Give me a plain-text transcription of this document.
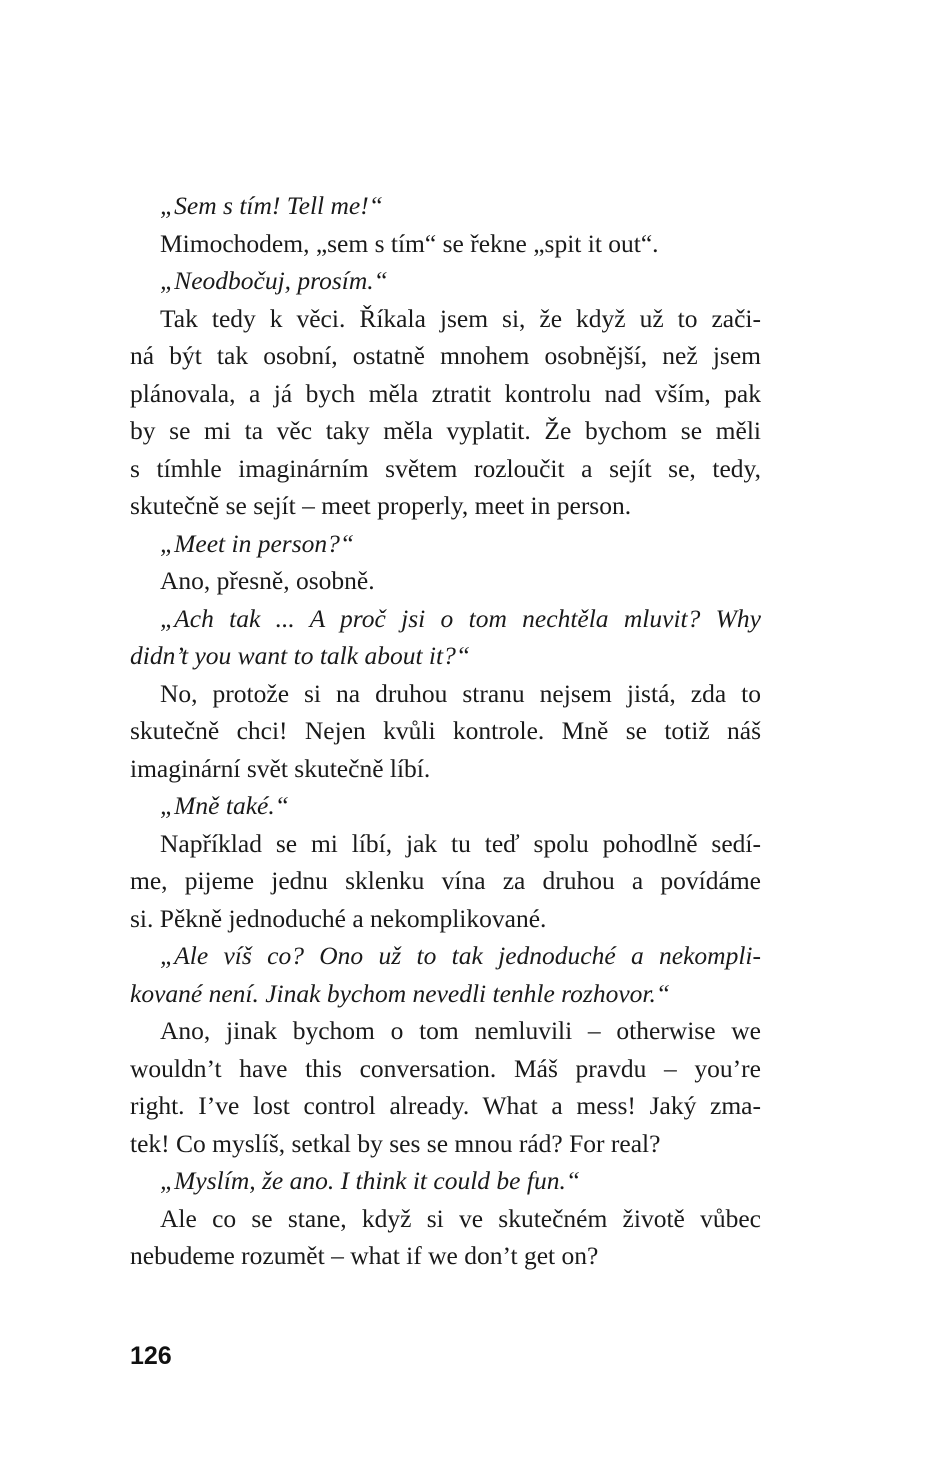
„Sem s tím! Tell me!“
Mimochodem, „sem s tím“ se řekne „spit it out“.
„Neodbočuj, prosím.“
Tak tedy k věci. Říkala jsem si, že když už to zači-
ná být tak osobní, ostatně mnohem osobnější, než jsem
plánovala, a já bych měla ztratit kontrolu nad vším, pak
by se mi ta věc taky měla vyplatit. Že bychom se měli
s tímhle imaginárním světem rozloučit a sejít se, tedy,
skutečně se sejít – meet properly, meet in person.
„Meet in person?“
Ano, přesně, osobně.
„Ach tak ... A proč jsi o tom nechtěla mluvit? Why
didn’t you want to talk about it?“
No, protože si na druhou stranu nejsem jistá, zda to
skutečně chci! Nejen kvůli kontrole. Mně se totiž náš
imaginární svět skutečně líbí.
„Mně také.“
Například se mi líbí, jak tu teď spolu pohodlně sedí-
me, pijeme jednu sklenku vína za druhou a povídáme
si. Pěkně jednoduché a nekomplikované.
„Ale víš co? Ono už to tak jednoduché a nekompli-
kované není. Jinak bychom nevedli tenhle rozhovor.“
Ano, jinak bychom o tom nemluvili – otherwise we
wouldn’t have this conversation. Máš pravdu – you’re
right. I’ve lost control already. What a mess! Jaký zma-
tek! Co myslíš, setkal by ses se mnou rád? For real?
„Myslím, že ano. I think it could be fun.“
Ale co se stane, když si ve skutečném životě vůbec
nebudeme rozumět – what if we don’t get on?
126
